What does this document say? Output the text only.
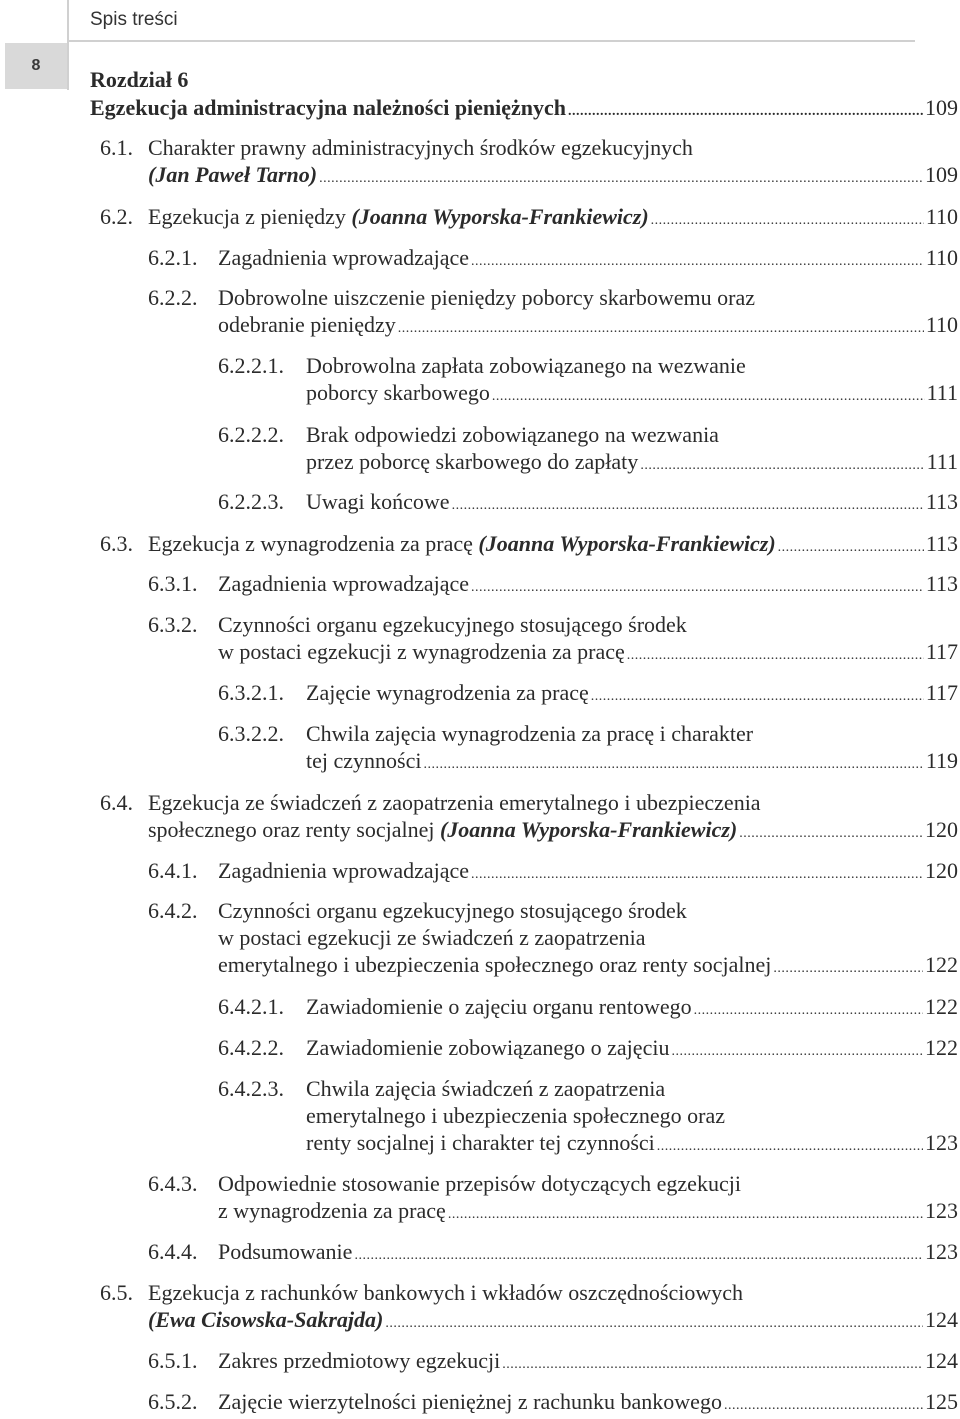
8
Spis treści
Rozdział 6
Egzekucja administracyjna należności pieniężnych . . .	109
6.1. Charakter prawny administracyjnych środków egzekucyjnych
(Jan Paweł Tarno) . . .	109
6.2. Egzekucja z pieniędzy (Joanna Wyporska-Frankiewicz) . . .	110
6.2.1. Zagadnienia wprowadzające . . .	110
6.2.2. Dobrowolne uiszczenie pieniędzy poborcy skarbowemu oraz
odebranie pieniędzy . . .	110
6.2.2.1. Dobrowolna zapłata zobowiązanego na wezwanie
poborcy skarbowego . . .	111
6.2.2.2. Brak odpowiedzi zobowiązanego na wezwania
przez poborcę skarbowego do zapłaty . . .	111
6.2.2.3. Uwagi końcowe . . .	113
6.3. Egzekucja z wynagrodzenia za pracę (Joanna Wyporska-Frankiewicz) . . .	113
6.3.1. Zagadnienia wprowadzające . . .	113
6.3.2. Czynności organu egzekucyjnego stosującego środek
w postaci egzekucji z wynagrodzenia za pracę . . .	117
6.3.2.1. Zajęcie wynagrodzenia za pracę . . .	117
6.3.2.2. Chwila zajęcia wynagrodzenia za pracę i charakter
tej czynności . . .	119
6.4. Egzekucja ze świadczeń z zaopatrzenia emerytalnego i ubezpieczenia
społecznego oraz renty socjalnej (Joanna Wyporska-Frankiewicz) . . .	120
6.4.1. Zagadnienia wprowadzające . . .	120
6.4.2. Czynności organu egzekucyjnego stosującego środek
w postaci egzekucji ze świadczeń z zaopatrzenia
emerytalnego i ubezpieczenia społecznego oraz renty socjalnej . . .	122
6.4.2.1. Zawiadomienie o zajęciu organu rentowego . . .	122
6.4.2.2. Zawiadomienie zobowiązanego o zajęciu . . .	122
6.4.2.3. Chwila zajęcia świadczeń z zaopatrzenia
emerytalnego i ubezpieczenia społecznego oraz
renty socjalnej i charakter tej czynności . . .	123
6.4.3. Odpowiednie stosowanie przepisów dotyczących egzekucji
z wynagrodzenia za pracę . . .	123
6.4.4. Podsumowanie . . .	123
6.5. Egzekucja z rachunków bankowych i wkładów oszczędnościowych
(Ewa Cisowska-Sakrajda) . . .	124
6.5.1. Zakres przedmiotowy egzekucji . . .	124
6.5.2. Zajęcie wierzytelności pieniężnej z rachunku bankowego . . .	125
